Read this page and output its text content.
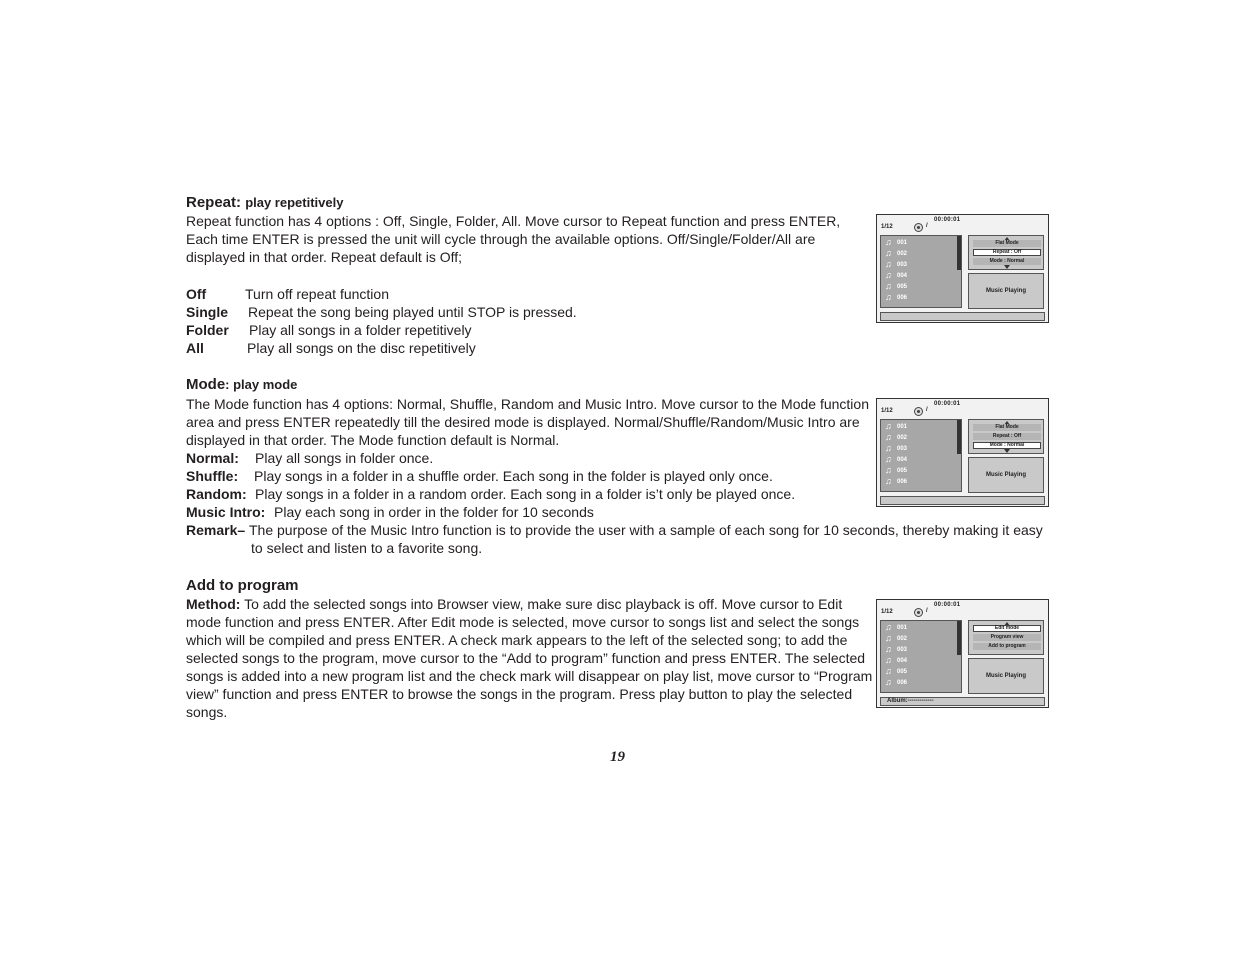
Repeat: play repetitively

Repeat function has 4 options : Off, Single, Folder, All. Move cursor to Repeat function and press ENTER,

Each time ENTER is pressed the unit will cycle through the available options. Off/Single/Folder/All are

displayed in that order. Repeat default is Off;

Off	Turn off repeat function
Single Repeat the song being played until STOP is pressed.
Folder Play all songs in a folder repetitively
All	Play all songs on the disc repetitively
Mode: play mode

The Mode function has 4 options: Normal, Shuffle, Random and Music Intro. Move cursor to the Mode function

area and press ENTER repeatedly till the desired mode is displayed. Normal/Shuffle/Random/Music Intro are

displayed in that order. The Mode function default is Normal.

Normal: Play all songs in folder once.
Shuffle: Play songs in a folder in a shuffle order. Each song in the folder is played only once.
Random: Play songs in a folder in a random order. Each song in a folder is’t only be played once.
Music Intro: Play each song in order in the folder for 10 seconds
Remark– The purpose of the Music Intro function is to provide the user with a sample of each song for 10 seconds, thereby making it easy

to select and listen to a favorite song.

Add to program
Method: To add the selected songs into Browser view, make sure disc playback is off. Move cursor to Edit

mode function and press ENTER. After Edit mode is selected, move cursor to songs list and select the songs

which will be compiled and press ENTER. A check mark appears to the left of the selected song; to add the

selected songs to the program, move cursor to the “Add to program” function and press ENTER. The selected

songs is added into a new program list and the check mark will disappear on play list, move cursor to “Program

view” function and press ENTER to browse the songs in the program. Press play button to play the selected

songs.

00:00:01
1/12	/
♫ 001
♫ 002
♫ 003
♫ 004
♫ 005
♫ 006
Flat Mode
Repeat : Off
Mode : Normal
Music Playing
00:00:01
1/12	/
♫ 001
♫ 002
♫ 003
♫ 004
♫ 005
♫ 006
Flat Mode
Repeat : Off
Mode : Normal
Music Playing
00:00:01
1/12	/
♫ 001
♫ 002
♫ 003
♫ 004
♫ 005
♫ 006
Edit mode
Program view
Add to program
Music Playing
Album:-------------
19
